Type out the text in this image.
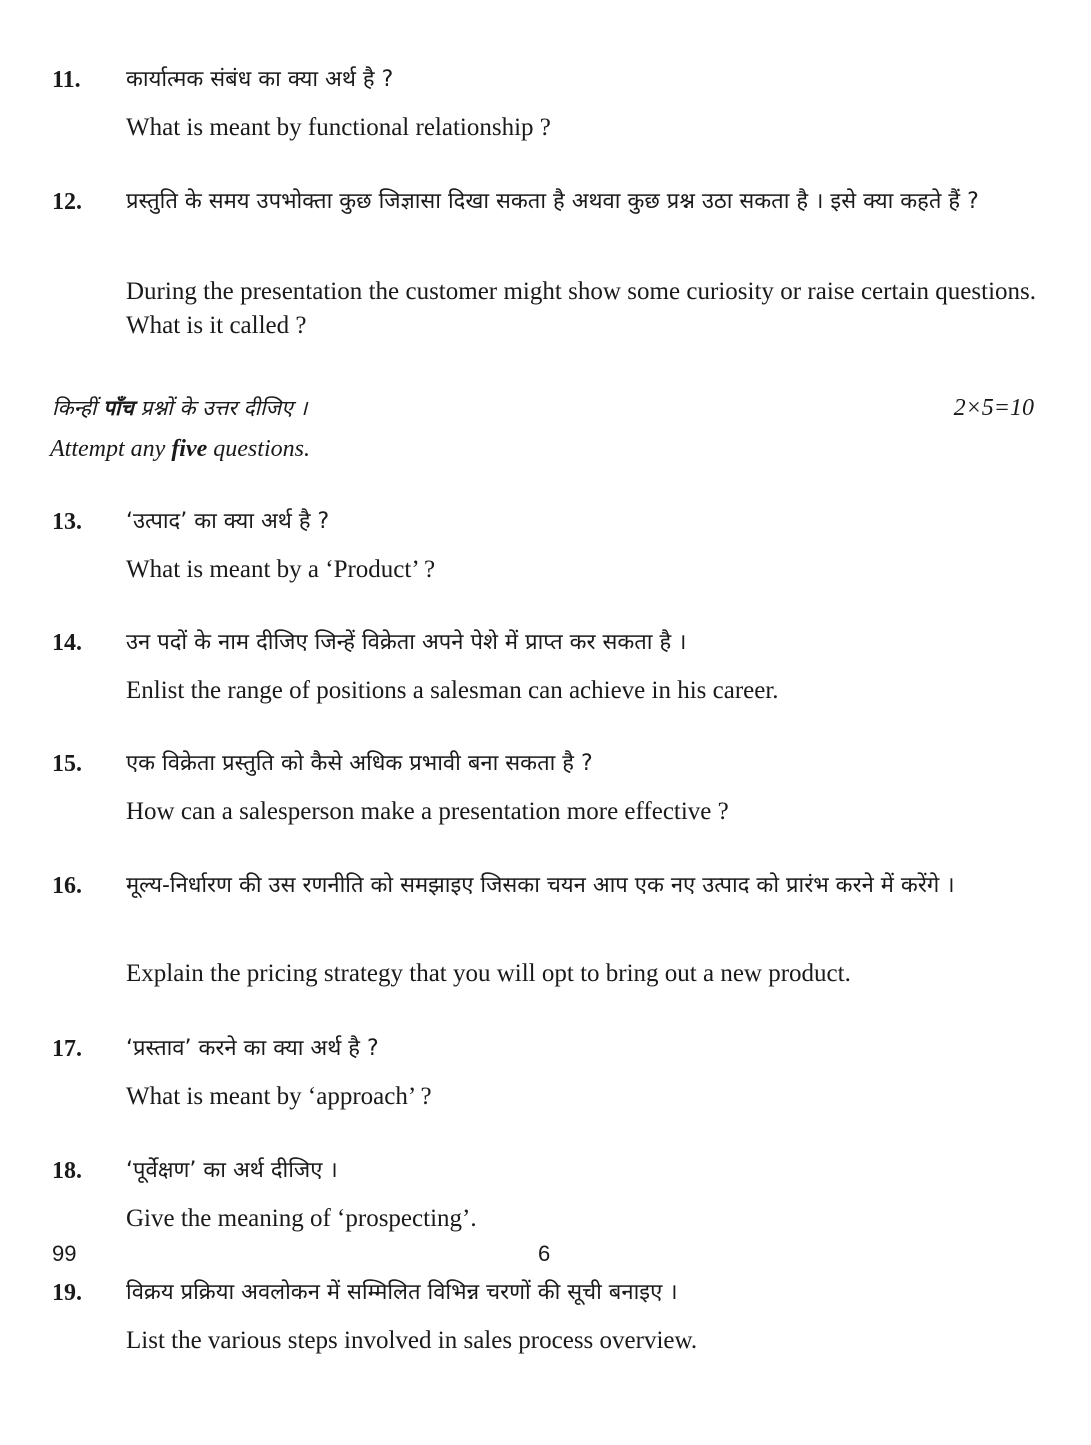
11. कार्यात्मक संबंध का क्या अर्थ है ?
What is meant by functional relationship ?
12. प्रस्तुति के समय उपभोक्ता कुछ जिज्ञासा दिखा सकता है अथवा कुछ प्रश्न उठा सकता है । इसे क्या कहते हैं ?
During the presentation the customer might show some curiosity or raise certain questions. What is it called ?
किन्हीं पाँच प्रश्नों के उत्तर दीजिए ।	2×5=10
Attempt any five questions.
13. ‘उत्पाद’ का क्या अर्थ है ?
What is meant by a ‘Product’ ?
14. उन पदों के नाम दीजिए जिन्हें विक्रेता अपने पेशे में प्राप्त कर सकता है ।
Enlist the range of positions a salesman can achieve in his career.
15. एक विक्रेता प्रस्तुति को कैसे अधिक प्रभावी बना सकता है ?
How can a salesperson make a presentation more effective ?
16. मूल्य-निर्धारण की उस रणनीति को समझाइए जिसका चयन आप एक नए उत्पाद को प्रारंभ करने में करेंगे ।
Explain the pricing strategy that you will opt to bring out a new product.
17. ‘प्रस्ताव’ करने का क्या अर्थ है ?
What is meant by ‘approach’ ?
18. ‘पूर्वेक्षण’ का अर्थ दीजिए ।
Give the meaning of ‘prospecting’.
19. विक्रय प्रक्रिया अवलोकन में सम्मिलित विभिन्न चरणों की सूची बनाइए ।
List the various steps involved in sales process overview.
99	6
